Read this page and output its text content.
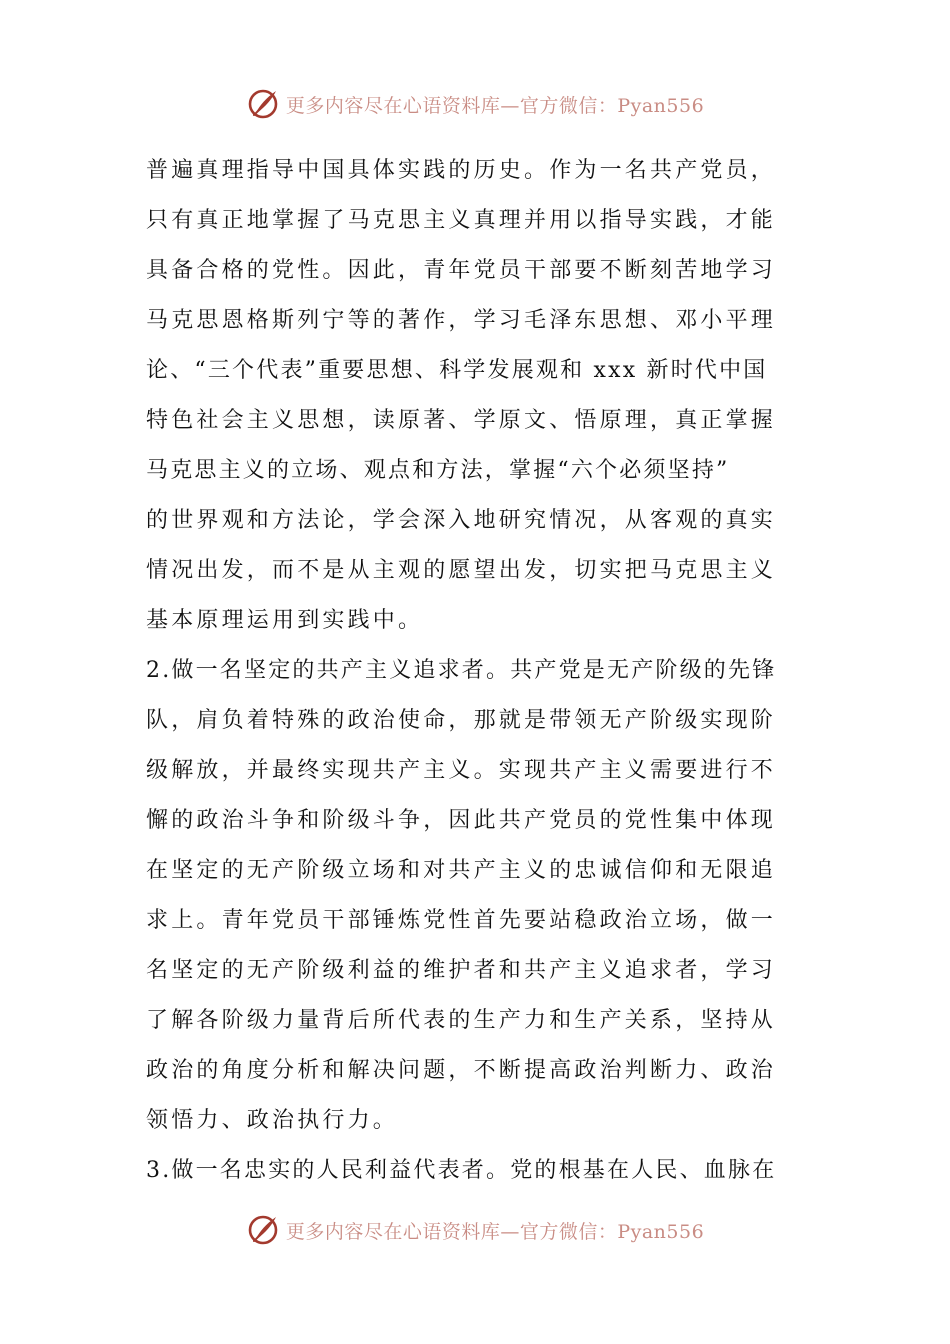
更多内容尽在心语资料库—官方微信：Pyan556
普遍真理指导中国具体实践的历史。作为一名共产党员，
只有真正地掌握了马克思主义真理并用以指导实践，才能
具备合格的党性。因此，青年党员干部要不断刻苦地学习
马克思恩格斯列宁等的著作，学习毛泽东思想、邓小平理
论、“三个代表”重要思想、科学发展观和 xxx 新时代中国
特色社会主义思想，读原著、学原文、悟原理，真正掌握
马克思主义的立场、观点和方法，掌握“六个必须坚持”
的世界观和方法论，学会深入地研究情况，从客观的真实
情况出发，而不是从主观的愿望出发，切实把马克思主义
基本原理运用到实践中。
2.做一名坚定的共产主义追求者。共产党是无产阶级的先锋
队，肩负着特殊的政治使命，那就是带领无产阶级实现阶
级解放，并最终实现共产主义。实现共产主义需要进行不
懈的政治斗争和阶级斗争，因此共产党员的党性集中体现
在坚定的无产阶级立场和对共产主义的忠诚信仰和无限追
求上。青年党员干部锤炼党性首先要站稳政治立场，做一
名坚定的无产阶级利益的维护者和共产主义追求者，学习
了解各阶级力量背后所代表的生产力和生产关系，坚持从
政治的角度分析和解决问题，不断提高政治判断力、政治
领悟力、政治执行力。
3.做一名忠实的人民利益代表者。党的根基在人民、血脉在
更多内容尽在心语资料库—官方微信：Pyan556
